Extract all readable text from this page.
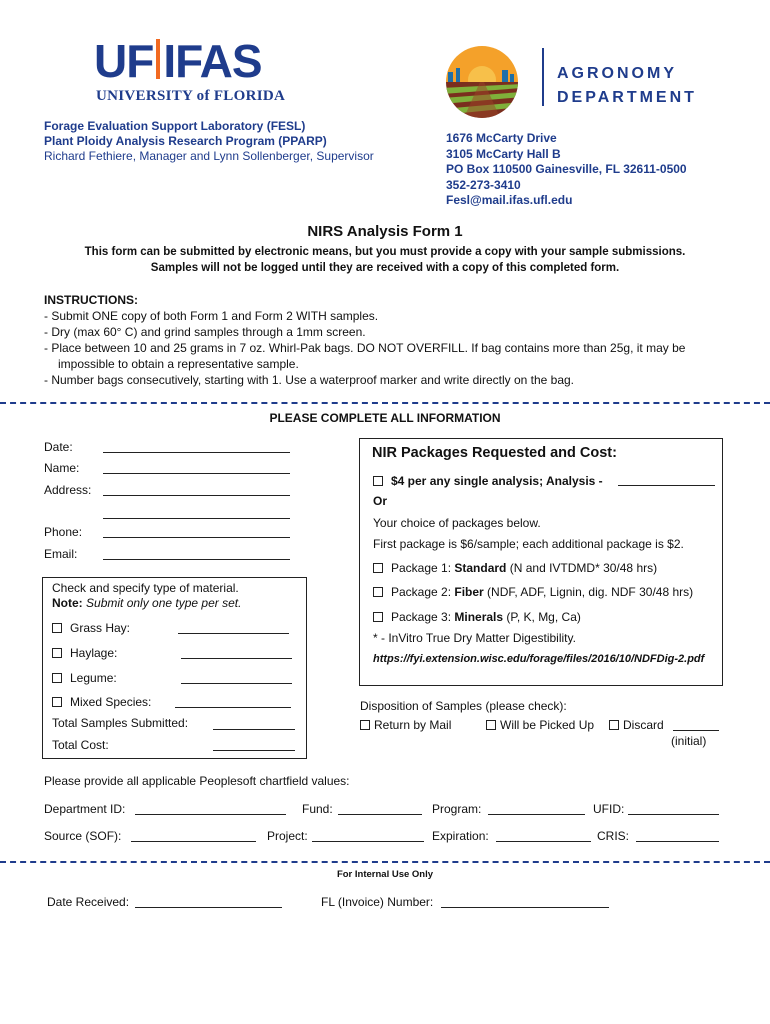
UF IFAS
UNIVERSITY of FLORIDA
AGRONOMY
DEPARTMENT
Forage Evaluation Support Laboratory (FESL)
Plant Ploidy Analysis Research Program (PPARP)
Richard Fethiere, Manager and Lynn Sollenberger, Supervisor
1676 McCarty Drive
3105 McCarty Hall B
PO Box 110500 Gainesville, FL 32611-0500
352-273-3410
Fesl@mail.ifas.ufl.edu
NIRS Analysis Form 1
This form can be submitted by electronic means, but you must provide a copy with your sample submissions.
Samples will not be logged until they are received with a copy of this completed form.
INSTRUCTIONS:
- Submit ONE copy of both Form 1 and Form 2 WITH samples.
- Dry (max 60° C) and grind samples through a 1mm screen.
- Place between 10 and 25 grams in 7 oz. Whirl-Pak bags. DO NOT OVERFILL. If bag contains more than 25g, it may be
impossible to obtain a representative sample.
- Number bags consecutively, starting with 1. Use a waterproof marker and write directly on the bag.
PLEASE COMPLETE ALL INFORMATION
Date:
Name:
Address:
Phone:
Email:
Check and specify type of material.
Note: Submit only one type per set.
Grass Hay:
Haylage:
Legume:
Mixed Species:
Total Samples Submitted:
Total Cost:
NIR Packages Requested and Cost:
$4 per any single analysis; Analysis -
Or
Your choice of packages below.
First package is $6/sample; each additional package is $2.
Package 1: Standard (N and IVTDMD* 30/48 hrs)
Package 2: Fiber (NDF, ADF, Lignin, dig. NDF 30/48 hrs)
Package 3: Minerals (P, K, Mg, Ca)
* - InVitro True Dry Matter Digestibility.
https://fyi.extension.wisc.edu/forage/files/2016/10/NDFDig-2.pdf
Disposition of Samples (please check):
Return by Mail	Will be Picked Up	Discard
(initial)
Please provide all applicable Peoplesoft chartfield values:
Department ID:	Fund:	Program:	UFID:
Source (SOF):	Project:	Expiration:	CRIS:
For Internal Use Only
Date Received:	FL (Invoice) Number:
